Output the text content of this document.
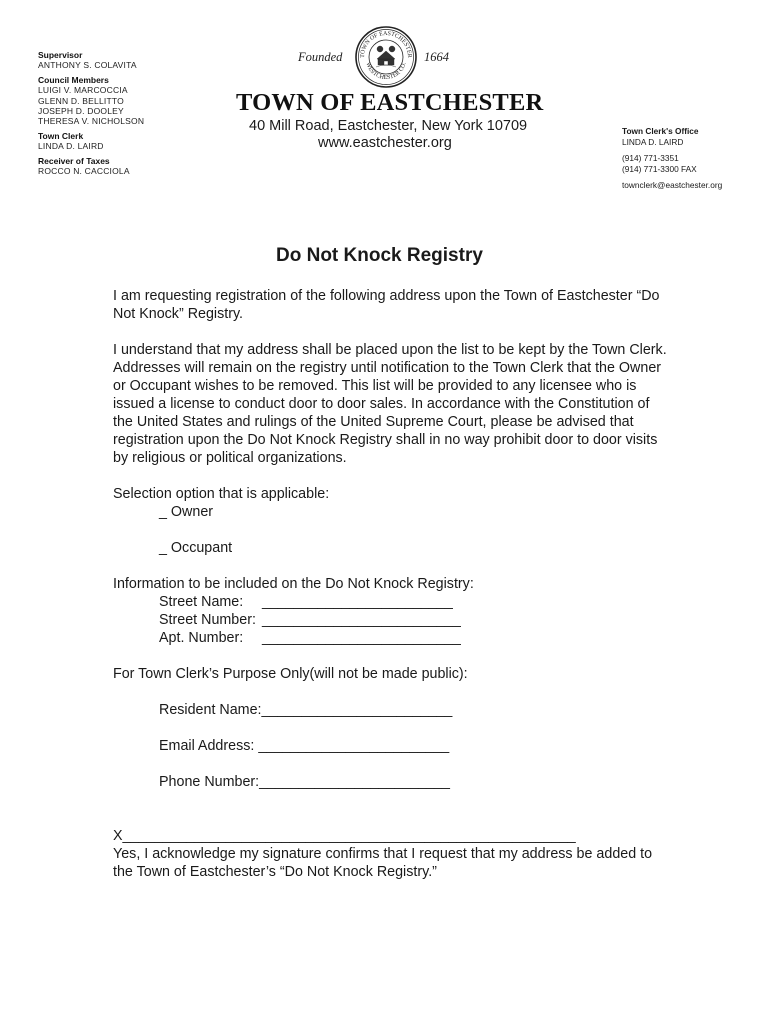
Supervisor
ANTHONY S. COLAVITA
Council Members
LUIGI V. MARCOCCIA
GLENN D. BELLITTO
JOSEPH D. DOOLEY
THERESA V. NICHOLSON
Town Clerk
LINDA D. LAIRD
Receiver of Taxes
ROCCO N. CACCIOLA
Founded	1664
TOWN OF EASTCHESTER
WESTCHESTER CO.
TOWN OF EASTCHESTER
40 Mill Road, Eastchester, New York 10709
www.eastchester.org
Town Clerk's Office
LINDA D. LAIRD
(914) 771-3351
(914) 771-3300 FAX
townclerk@eastchester.org
Do Not Knock Registry

I am requesting registration of the following address upon the Town of Eastchester “Do Not Knock” Registry.

I understand that my address shall be placed upon the list to be kept by the Town Clerk. Addresses will remain on the registry until notification to the Town Clerk that the Owner or Occupant wishes to be removed. This list will be provided to any licensee who is issued a license to conduct door to door sales. In accordance with the Constitution of the United States and rulings of the United Supreme Court, please be advised that registration upon the Do Not Knock Registry shall in no way prohibit door to door visits by religious or political organizations.

Selection option that is applicable:

_ Owner

_ Occupant

Information to be included on the Do Not Knock Registry:

Street Name:	________________________
Street Number: _________________________
Apt. Number:	_________________________

For Town Clerk’s Purpose Only(will not be made public):

Resident Name:________________________

Email Address: ________________________

Phone Number:________________________

X_________________________________________________________

Yes, I acknowledge my signature confirms that I request that my address be added to the Town of Eastchester’s “Do Not Knock Registry.”
